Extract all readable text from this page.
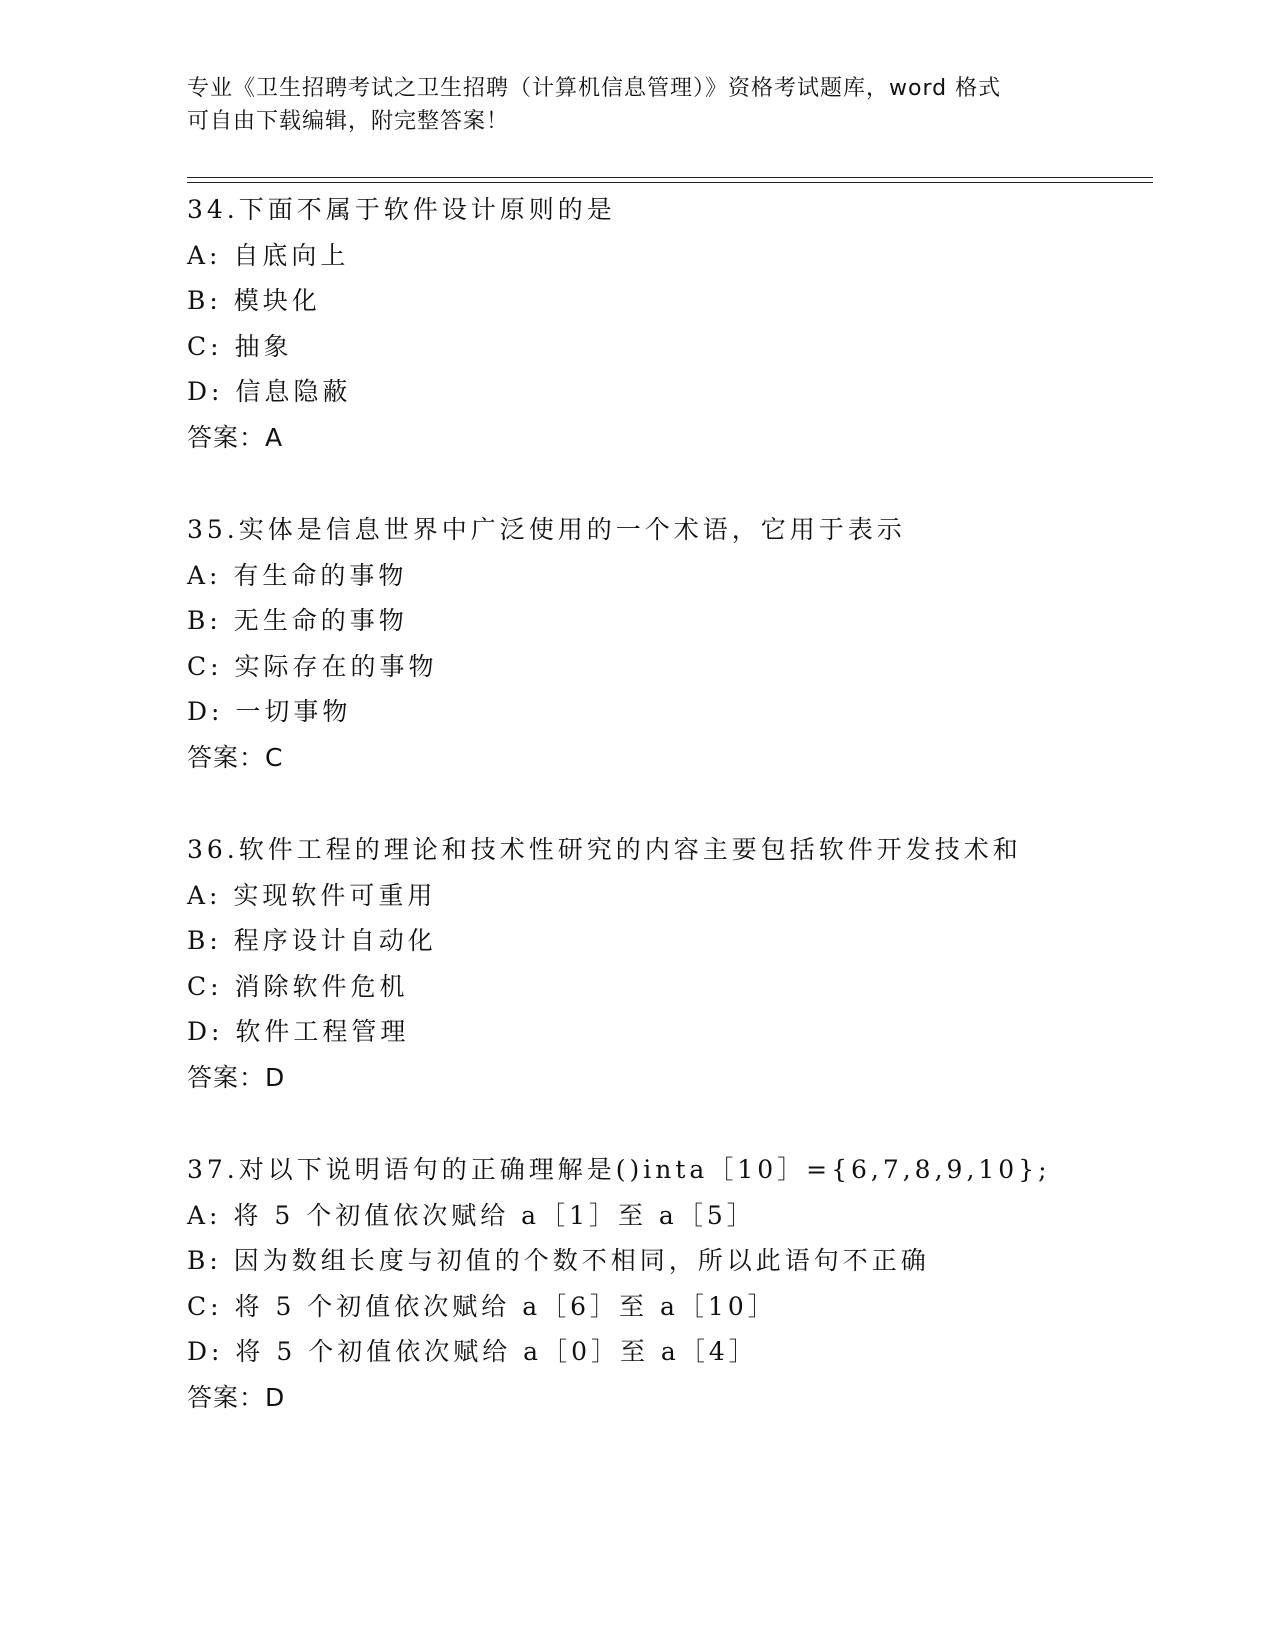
专业《卫生招聘考试之卫生招聘（计算机信息管理）》资格考试题库，word 格式

可自由下载编辑，附完整答案！

34.下面不属于软件设计原则的是
A: 自底向上
B: 模块化
C: 抽象
D: 信息隐蔽
答案：A
35.实体是信息世界中广泛使用的一个术语，它用于表示
A: 有生命的事物
B: 无生命的事物
C: 实际存在的事物
D: 一切事物
答案：C
36.软件工程的理论和技术性研究的内容主要包括软件开发技术和
A: 实现软件可重用
B: 程序设计自动化
C: 消除软件危机
D: 软件工程管理
答案：D
37.对以下说明语句的正确理解是()inta［10］={6,7,8,9,10};
A: 将 5 个初值依次赋给 a［1］至 a［5］
B: 因为数组长度与初值的个数不相同，所以此语句不正确
C: 将 5 个初值依次赋给 a［6］至 a［10］
D: 将 5 个初值依次赋给 a［0］至 a［4］
答案：D
